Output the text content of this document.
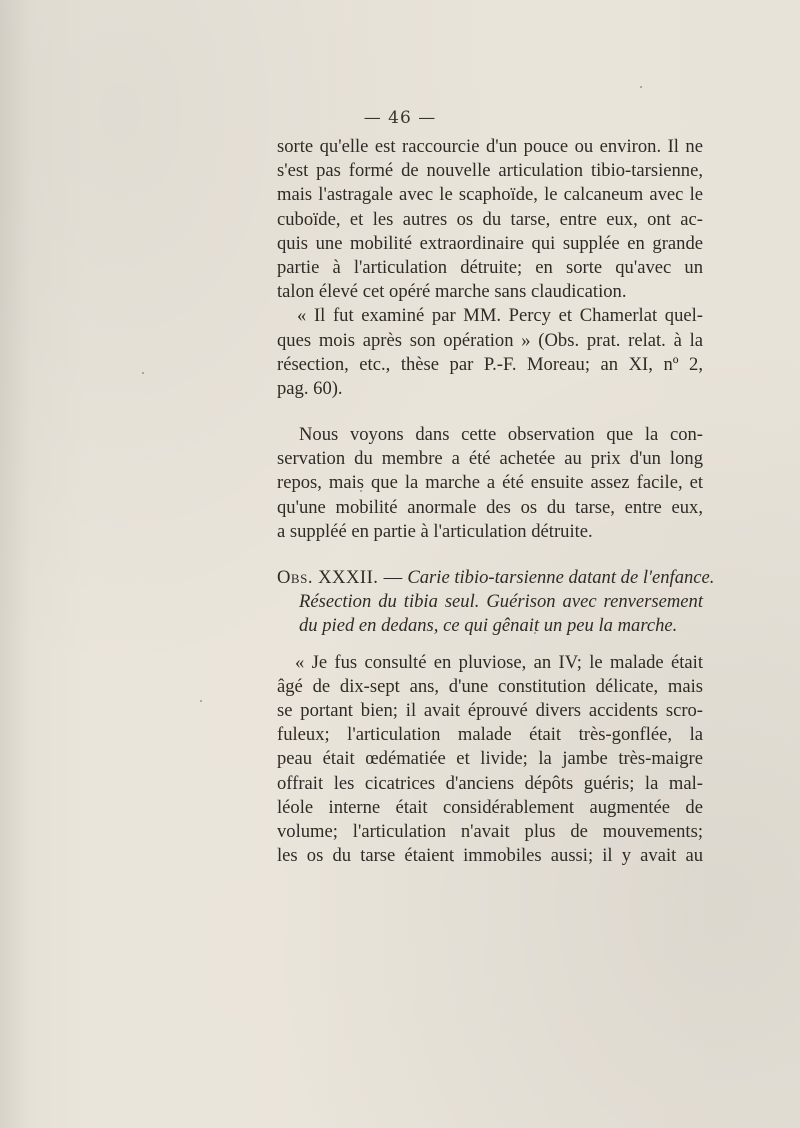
— 46 —
sorte qu'elle est raccourcie d'un pouce ou environ. Il ne
s'est pas formé de nouvelle articulation tibio-tarsienne,
mais l'astragale avec le scaphoïde, le calcaneum avec le
cuboïde, et les autres os du tarse, entre eux, ont ac-
quis une mobilité extraordinaire qui supplée en grande
partie à l'articulation détruite; en sorte qu'avec un
talon élevé cet opéré marche sans claudication.
« Il fut examiné par MM. Percy et Chamerlat quel-
ques mois après son opération » (Obs. prat. relat. à la
résection, etc., thèse par P.-F. Moreau; an XI, nº 2,
pag. 60).
Nous voyons dans cette observation que la con-
servation du membre a été achetée au prix d'un long
repos, mais que la marche a été ensuite assez facile, et
qu'une mobilité anormale des os du tarse, entre eux,
a suppléé en partie à l'articulation détruite.
Obs. XXXII. — Carie tibio-tarsienne datant de l'enfance.
Résection du tibia seul. Guérison avec renversement
du pied en dedans, ce qui gênait un peu la marche.
« Je fus consulté en pluviose, an IV; le malade était
âgé de dix-sept ans, d'une constitution délicate, mais
se portant bien; il avait éprouvé divers accidents scro-
fuleux; l'articulation malade était très-gonflée, la
peau était œdématiée et livide; la jambe très-maigre
offrait les cicatrices d'anciens dépôts guéris; la mal-
léole interne était considérablement augmentée de
volume; l'articulation n'avait plus de mouvements;
les os du tarse étaient immobiles aussi; il y avait au
